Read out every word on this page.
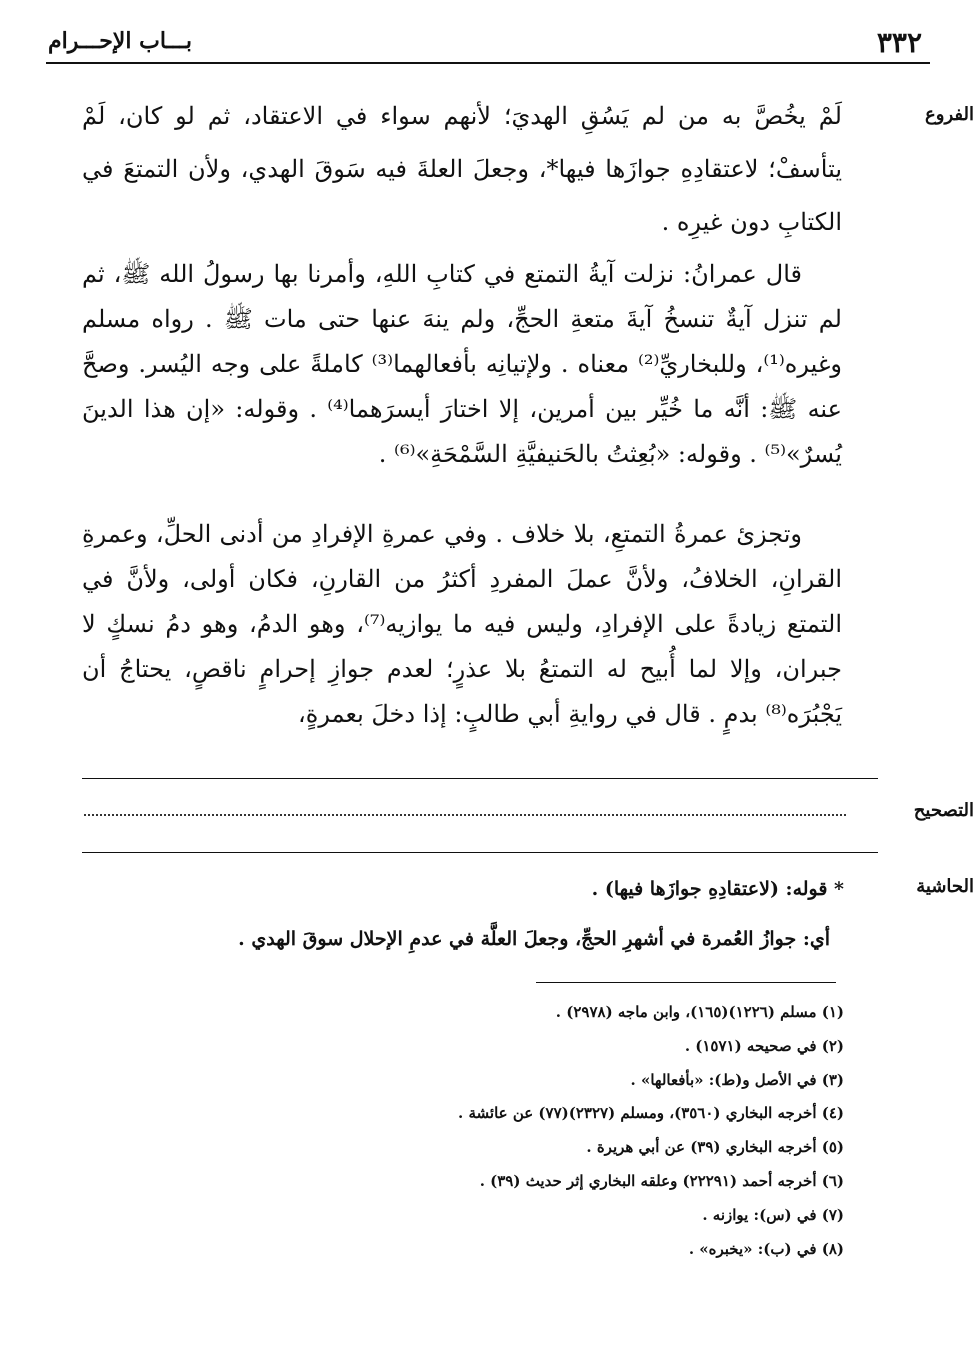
٣٣٢
بـــاب الإحـــرام
الفروع
لَمْ يخُصَّ به من لم يَسُقِ الهديَ؛ لأنهم سواء في الاعتقاد، ثم لو كان، لَمْ يتأسفْ؛ لاعتقادِهِ جوازَها فيها*، وجعلَ العلةَ فيه سَوقَ الهدي، ولأن التمتعَ في الكتابِ دون غيرِه .
قال عمرانُ: نزلت آيةُ التمتع في كتابِ اللهِ، وأمرنا بها رسولُ الله ﷺ، ثم لم تنزل آيةٌ تنسخُ آيةَ متعةِ الحجِّ، ولم ينهَ عنها حتى مات ﷺ . رواه مسلم وغيره⁽¹⁾، وللبخاريِّ⁽²⁾ معناه . ولإتيانِه بأفعالهما⁽³⁾ كاملةً على وجه اليُسر. وصحَّ عنه ﷺ: أنَّه ما خُيِّر بين أمرين، إلا اختارَ أيسرَهما⁽⁴⁾ . وقوله: «إن هذا الدينَ يُسرٌ»⁽⁵⁾ . وقوله: «بُعِثتُ بالحَنيفيَّةِ السَّمْحَةِ»⁽⁶⁾ .
وتجزئ عمرةُ التمتعِ، بلا خلاف . وفي عمرةِ الإفرادِ من أدنى الحلِّ، وعمرةِ القرانِ، الخلافُ، ولأنَّ عملَ المفردِ أكثرُ من القارنِ، فكان أولى، ولأنَّ في التمتع زيادةً على الإفرادِ، وليس فيه ما يوازيه⁽⁷⁾، وهو الدمُ، وهو دمُ نسكٍ لا جبران، وإلا لما أُبيح له التمتعُ بلا عذرٍ؛ لعدم جوازِ إحرامٍ ناقصٍ، يحتاجُ أن يَجْبُرَه⁽⁸⁾ بدمٍ . قال في روايةِ أبي طالبٍ: إذا دخلَ بعمرةٍ،
التصحيح
الحاشية
* قوله: (لاعتقادِهِ جوازَها فيها) .
أي: جوازُ العُمرة في أشهرِ الحجِّ، وجعلَ العلَّة في عدمِ الإحلال سوقَ الهدي .
(١) مسلم (١٢٢٦)(١٦٥)، وابن ماجه (٢٩٧٨) .
(٢) في صحيحه (١٥٧١) .
(٣) في الأصل و(ط): «بأفعالها» .
(٤) أخرجه البخاري (٣٥٦٠)، ومسلم (٢٣٢٧)(٧٧) عن عائشة .
(٥) أخرجه البخاري (٣٩) عن أبي هريرة .
(٦) أخرجه أحمد (٢٢٢٩١) وعلقه البخاري إثر حديث (٣٩) .
(٧) في (س): يوازنه .
(٨) في (ب): «يخبره» .
